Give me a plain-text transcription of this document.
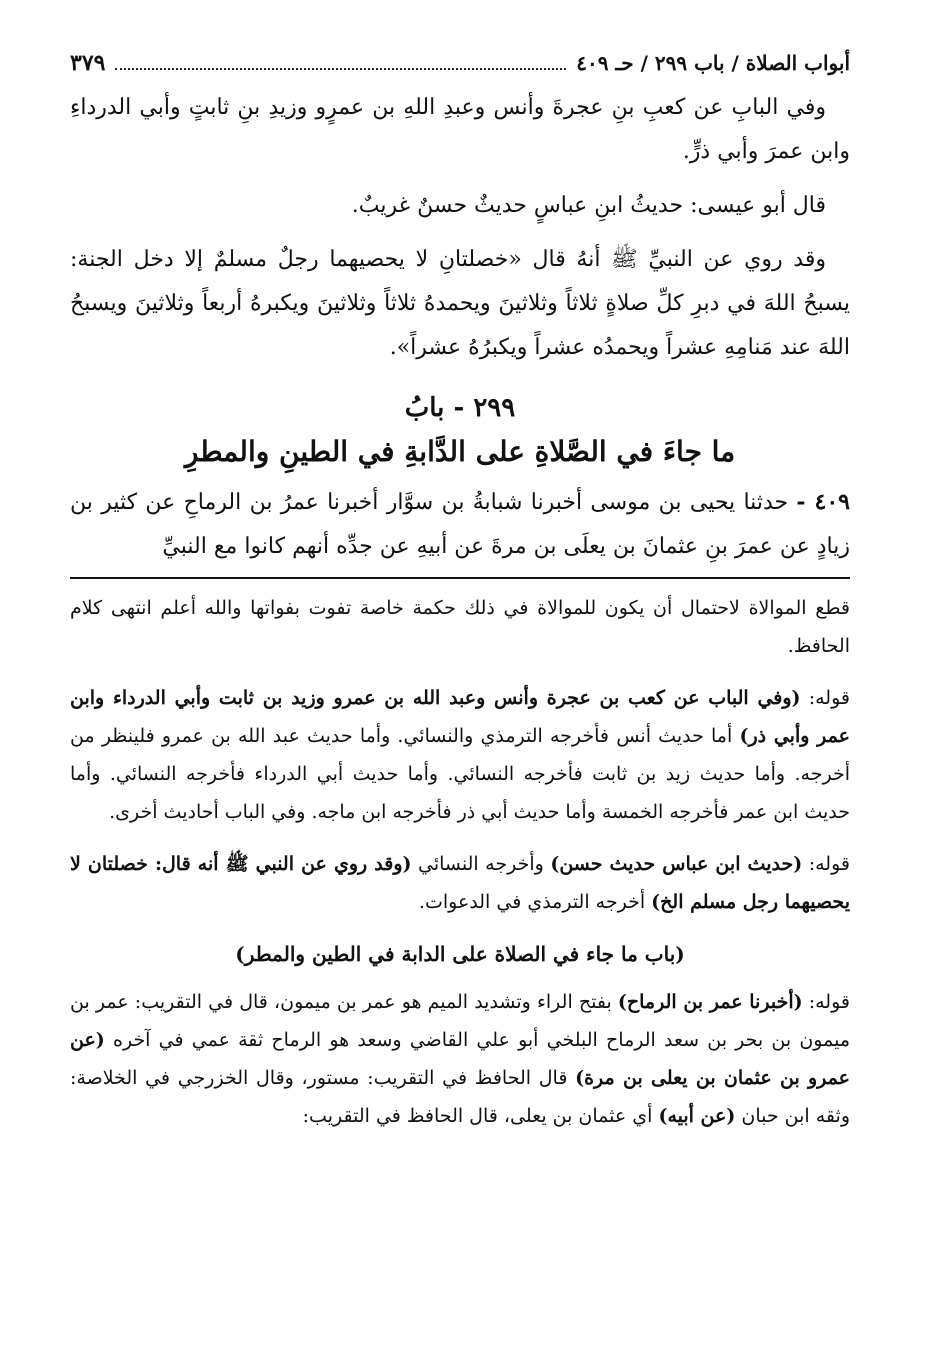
أبواب الصلاة / باب ٢٩٩ / حـ ٤٠٩
٣٧٩

وفي البابِ عن كعبِ بنِ عجرةَ وأنس وعبدِ اللهِ بن عمرٍو وزيدِ بنِ ثابتٍ وأبي الدرداءِ وابن عمرَ وأبي ذرٍّ.

قال أبو عيسى: حديثُ ابنِ عباسٍ حديثٌ حسنٌ غريبٌ.

وقد روي عن النبيِّ ﷺ أنهُ قال «خصلتانِ لا يحصيهما رجلٌ مسلمٌ إلا دخل الجنة: يسبحُ اللهَ في دبرِ كلِّ صلاةٍ ثلاثاً وثلاثينَ ويحمدهُ ثلاثاً وثلاثينَ ويكبرهُ أربعاً وثلاثينَ ويسبحُ اللهَ عند مَنامِهِ عشراً ويحمدُه عشراً ويكبرُهُ عشراً».

٢٩٩ - بابُ
ما جاءَ في الصَّلاةِ على الدَّابةِ في الطينِ والمطرِ
٤٠٩ - حدثنا يحيى بن موسى أخبرنا شبابةُ بن سوَّار أخبرنا عمرُ بن الرماحِ عن كثير بن زيادٍ عن عمرَ بنِ عثمانَ بن يعلَى بن مرةَ عن أبيهِ عن جدِّه أنهم كانوا مع النبيِّ

قطع الموالاة لاحتمال أن يكون للموالاة في ذلك حكمة خاصة تفوت بفواتها والله أعلم انتهى كلام الحافظ.

قوله: (وفي الباب عن كعب بن عجرة وأنس وعبد الله بن عمرو وزيد بن ثابت وأبي الدرداء وابن عمر وأبي ذر) أما حديث أنس فأخرجه الترمذي والنسائي. وأما حديث عبد الله بن عمرو فلينظر من أخرجه. وأما حديث زيد بن ثابت فأخرجه النسائي. وأما حديث أبي الدرداء فأخرجه النسائي. وأما حديث ابن عمر فأخرجه الخمسة وأما حديث أبي ذر فأخرجه ابن ماجه. وفي الباب أحاديث أخرى.

قوله: (حديث ابن عباس حديث حسن) وأخرجه النسائي (وقد روي عن النبي ﷺ أنه قال: خصلتان لا يحصيهما رجل مسلم الخ) أخرجه الترمذي في الدعوات.

(باب ما جاء في الصلاة على الدابة في الطين والمطر)

قوله: (أخبرنا عمر بن الرماح) بفتح الراء وتشديد الميم هو عمر بن ميمون، قال في التقريب: عمر بن ميمون بن بحر بن سعد الرماح البلخي أبو علي القاضي وسعد هو الرماح ثقة عمي في آخره (عن عمرو بن عثمان بن يعلى بن مرة) قال الحافظ في التقريب: مستور، وقال الخزرجي في الخلاصة: وثقه ابن حبان (عن أبيه) أي عثمان بن يعلى، قال الحافظ في التقريب:
